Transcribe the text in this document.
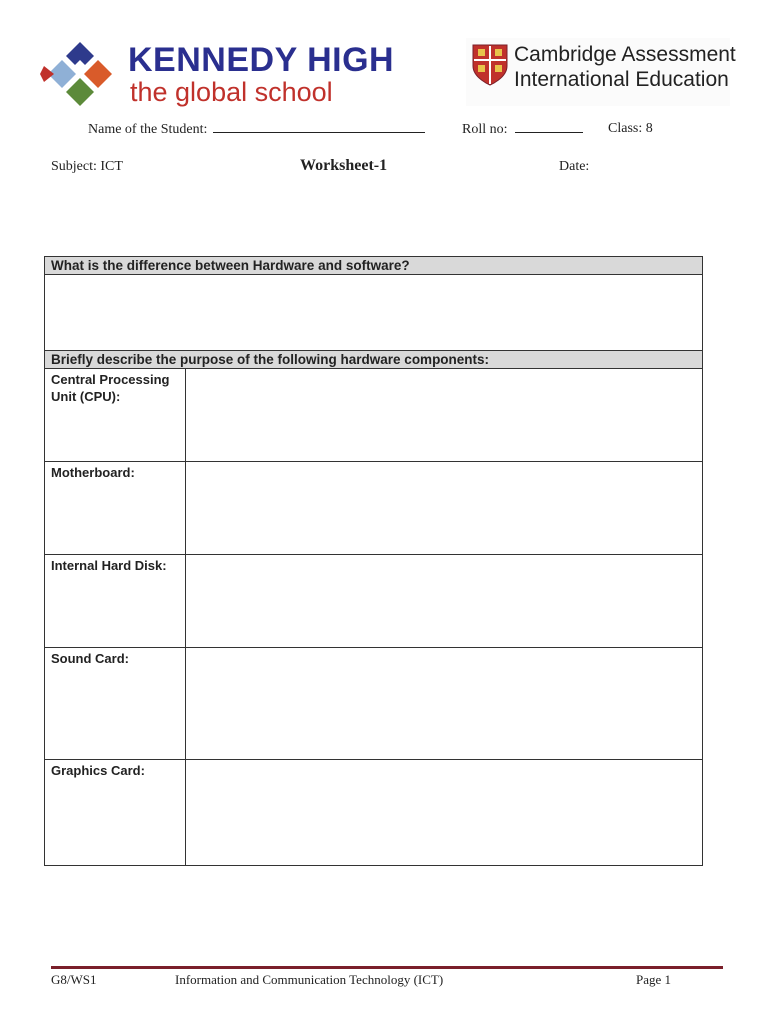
KENNEDY HIGH
the global school
Cambridge Assessment
International Education
Name of the Student:	Roll no:	Class: 8
Subject: ICT	Worksheet-1	Date:
What is the difference between Hardware and software?
Briefly describe the purpose of the following hardware components:
Central Processing Unit (CPU):
Motherboard:
Internal Hard Disk:
Sound Card:
Graphics Card:
G8/WS1	Information and Communication Technology (ICT)	Page 1
